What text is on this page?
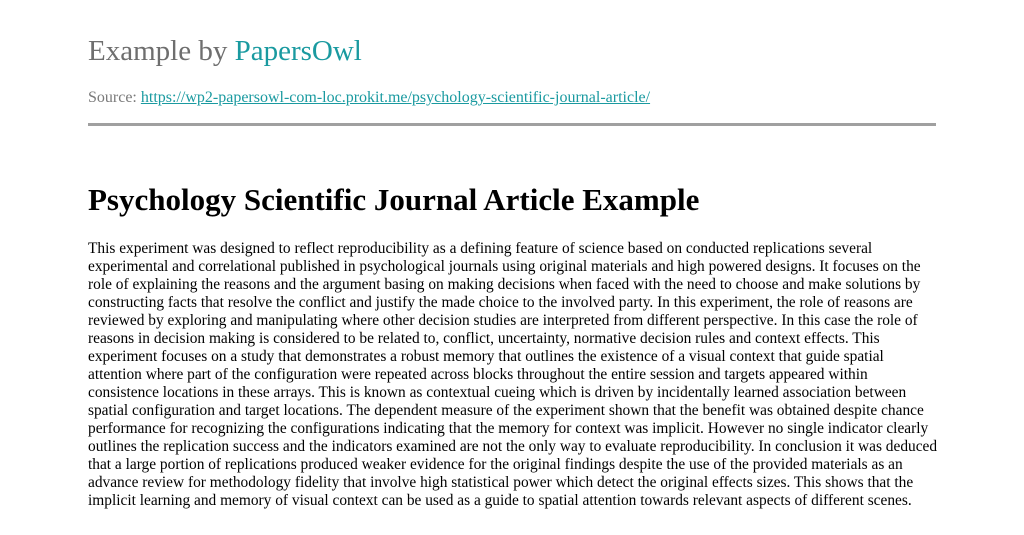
Example by PapersOwl
Source: https://wp2-papersowl-com-loc.prokit.me/psychology-scientific-journal-article/
Psychology Scientific Journal Article Example

This experiment was designed to reflect reproducibility as a defining feature of science based on conducted replications several experimental and correlational published in psychological journals using original materials and high powered designs. It focuses on the role of explaining the reasons and the argument basing on making decisions when faced with the need to choose and make solutions by constructing facts that resolve the conflict and justify the made choice to the involved party. In this experiment, the role of reasons are reviewed by exploring and manipulating where other decision studies are interpreted from different perspective. In this case the role of reasons in decision making is considered to be related to, conflict, uncertainty, normative decision rules and context effects. This experiment focuses on a study that demonstrates a robust memory that outlines the existence of a visual context that guide spatial attention where part of the configuration were repeated across blocks throughout the entire session and targets appeared within consistence locations in these arrays. This is known as contextual cueing which is driven by incidentally learned association between spatial configuration and target locations. The dependent measure of the experiment shown that the benefit was obtained despite chance performance for recognizing the configurations indicating that the memory for context was implicit. However no single indicator clearly outlines the replication success and the indicators examined are not the only way to evaluate reproducibility. In conclusion it was deduced that a large portion of replications produced weaker evidence for the original findings despite the use of the provided materials as an advance review for methodology fidelity that involve high statistical power which detect the original effects sizes. This shows that the implicit learning and memory of visual context can be used as a guide to spatial attention towards relevant aspects of different scenes.
